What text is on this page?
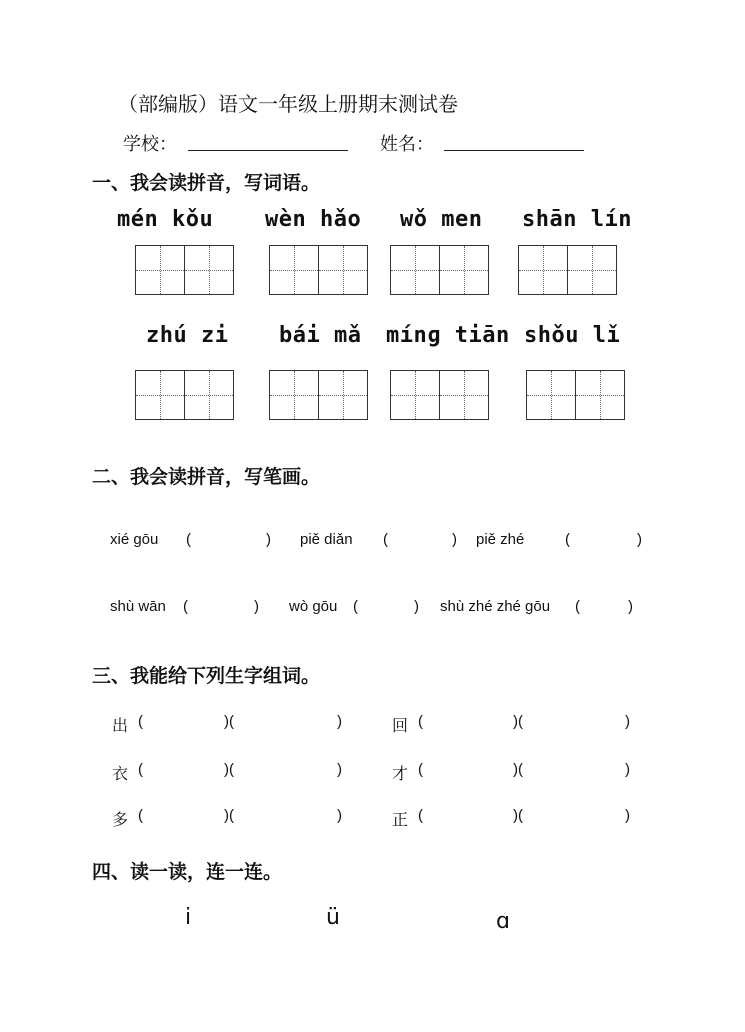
（部编版）语文一年级上册期末测试卷
学校：	姓名：
一、我会读拼音，写词语。
mén kǒu wèn hǎo wǒ men shān lín
zhú zi bái mǎ mínɡ tiān shǒu lǐ
二、我会读拼音，写笔画。
xié gōu (	) piě diǎn (	) piě zhé	(	)
shù wān (	) wò gōu (	) shù zhé zhé gōu (	)
三、我能给下列生字组词。
出 (	)(	)	回 (	)(	)
衣 (	)(	)	才 (	)(	)
多 (	)(	)	正 (	)(	)
四、读一读，连一连。
i	ü	ɑ
